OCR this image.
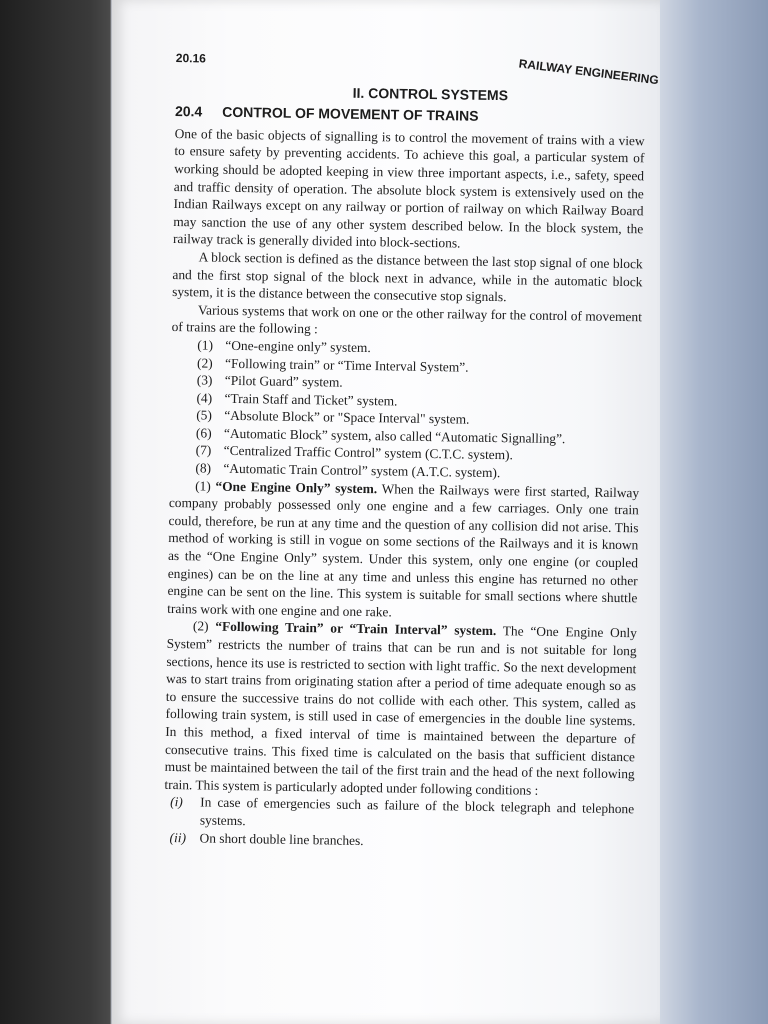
20.16	RAILWAY ENGINEERING
II. CONTROL SYSTEMS
20.4 CONTROL OF MOVEMENT OF TRAINS

One of the basic objects of signalling is to control the movement of trains with a view to ensure safety by preventing accidents. To achieve this goal, a particular system of working should be adopted keeping in view three important aspects, i.e., safety, speed and traffic density of operation. The absolute block system is extensively used on the Indian Railways except on any railway or portion of railway on which Railway Board may sanction the use of any other system described below. In the block system, the railway track is generally divided into block-sections.

A block section is defined as the distance between the last stop signal of one block and the first stop signal of the block next in advance, while in the automatic block system, it is the distance between the consecutive stop signals.

Various systems that work on one or the other railway for the control of movement of trains are the following :

(1) “One-engine only” system.
(2) “Following train” or “Time Interval System”.
(3) “Pilot Guard” system.
(4) “Train Staff and Ticket” system.
(5) “Absolute Block” or "Space Interval" system.
(6) “Automatic Block” system, also called “Automatic Signalling”.
(7) “Centralized Traffic Control” system (C.T.C. system).
(8) “Automatic Train Control” system (A.T.C. system).

(1) “One Engine Only” system. When the Railways were first started, Railway company probably possessed only one engine and a few carriages. Only one train could, therefore, be run at any time and the question of any collision did not arise. This method of working is still in vogue on some sections of the Railways and it is known as the “One Engine Only” system. Under this system, only one engine (or coupled engines) can be on the line at any time and unless this engine has returned no other engine can be sent on the line. This system is suitable for small sections where shuttle trains work with one engine and one rake.

(2) “Following Train” or “Train Interval” system. The “One Engine Only System” restricts the number of trains that can be run and is not suitable for long sections, hence its use is restricted to section with light traffic. So the next development was to start trains from originating station after a period of time adequate enough so as to ensure the successive trains do not collide with each other. This system, called as following train system, is still used in case of emergencies in the double line systems. In this method, a fixed interval of time is maintained between the departure of consecutive trains. This fixed time is calculated on the basis that sufficient distance must be maintained between the tail of the first train and the head of the next following train. This system is particularly adopted under following conditions :

(i)	In case of emergencies such as failure of the block telegraph and telephone systems.
(ii)	On short double line branches.
